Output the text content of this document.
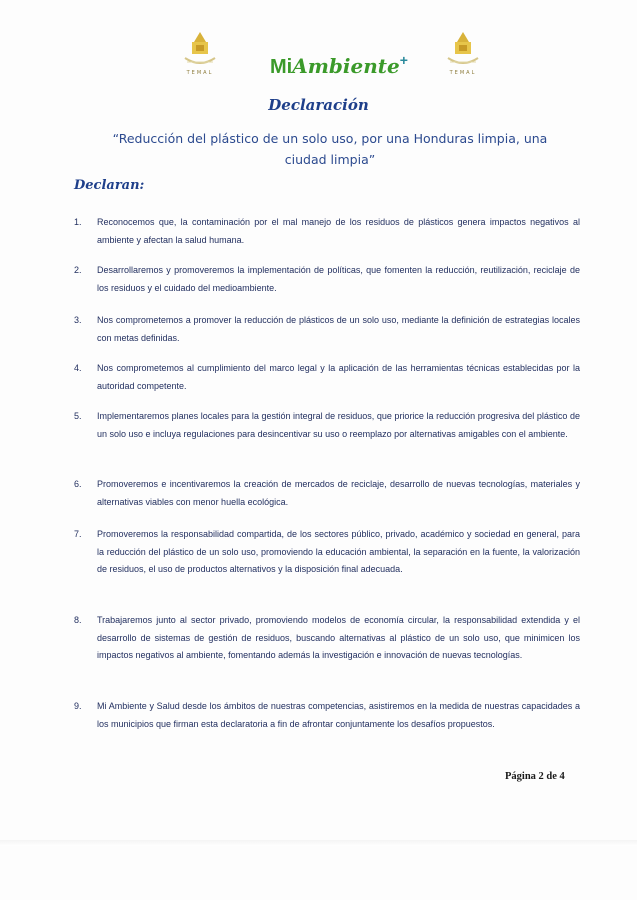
TEMAL	MiAmbiente+
TEMAL
Declaración
“Reducción del plástico de un solo uso, por una Honduras limpia, una ciudad limpia”
Declaran:
1.	Reconocemos que, la contaminación por el mal manejo de los residuos de plásticos genera impactos negativos al ambiente y afectan la salud humana.
2.	Desarrollaremos y promoveremos la implementación de políticas, que fomenten la reducción, reutilización, reciclaje de los residuos y el cuidado del medioambiente.
3.	Nos comprometemos a promover la reducción de plásticos de un solo uso, mediante la definición de estrategias locales con metas definidas.
4.	Nos comprometemos al cumplimiento del marco legal y la aplicación de las herramientas técnicas establecidas por la autoridad competente.
5.	Implementaremos planes locales para la gestión integral de residuos, que priorice la reducción progresiva del plástico de un solo uso e incluya regulaciones para desincentivar su uso o reemplazo por alternativas amigables con el ambiente.
6.	Promoveremos e incentivaremos la creación de mercados de reciclaje, desarrollo de nuevas tecnologías, materiales y alternativas viables con menor huella ecológica.
7.	Promoveremos la responsabilidad compartida, de los sectores público, privado, académico y sociedad en general, para la reducción del plástico de un solo uso, promoviendo la educación ambiental, la separación en la fuente, la valorización de residuos, el uso de productos alternativos y la disposición final adecuada.
8.	Trabajaremos junto al sector privado, promoviendo modelos de economía circular, la responsabilidad extendida y el desarrollo de sistemas de gestión de residuos, buscando alternativas al plástico de un solo uso, que minimicen los impactos negativos al ambiente, fomentando además la investigación e innovación de nuevas tecnologías.
9.	Mi Ambiente y Salud desde los ámbitos de nuestras competencias, asistiremos en la medida de nuestras capacidades a los municipios que firman esta declaratoria a fin de afrontar conjuntamente los desafíos propuestos.
Página 2 de 4
